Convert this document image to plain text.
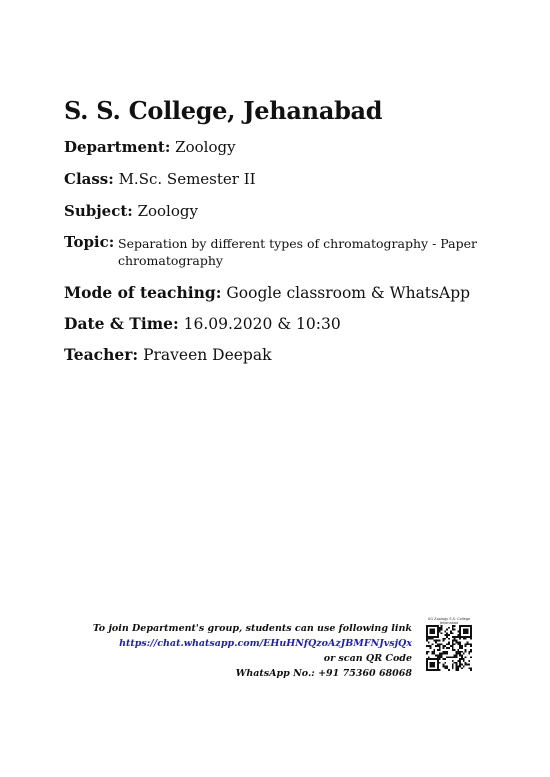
S. S. College, Jehanabad
Department: Zoology
Class: M.Sc. Semester II
Subject: Zoology
Topic: Separation by different types of chromatography - Paper chromatography
Mode of teaching: Google classroom & WhatsApp
Date & Time: 16.09.2020 & 10:30
Teacher: Praveen Deepak
To join Department's group, students can use following link
https://chat.whatsapp.com/EHuHNfQzoAzJBMFNJvsjQx
or scan QR Code
WhatsApp No.: +91 75360 68068
UG Zoology S.S. College Jehanabad
